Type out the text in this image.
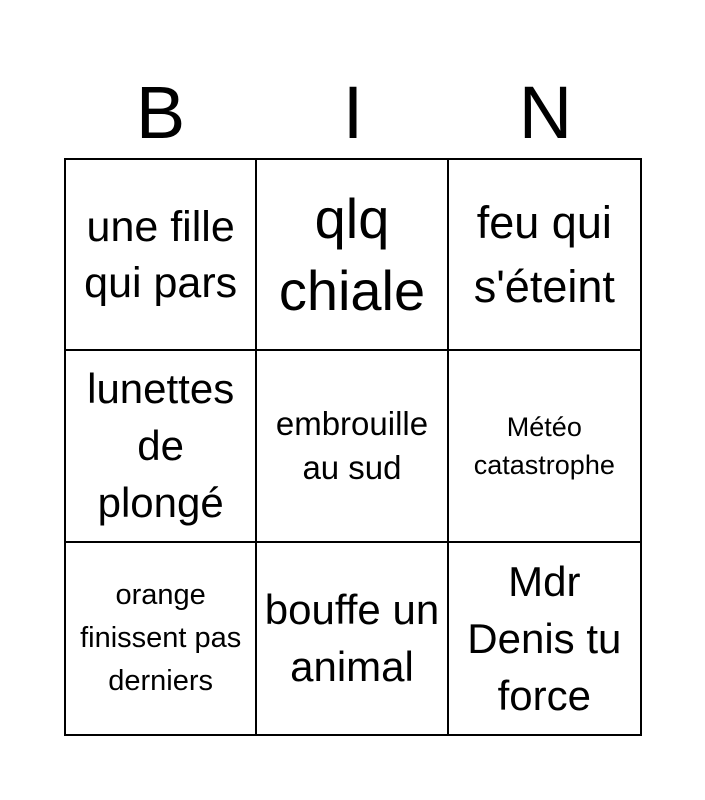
B	I	N
une fille qui pars
qlq chiale
feu qui s'éteint
lunettes de plongé
embrouille au sud
Météo catastrophe
orange finissent pas derniers
bouffe un animal
Mdr Denis tu force
